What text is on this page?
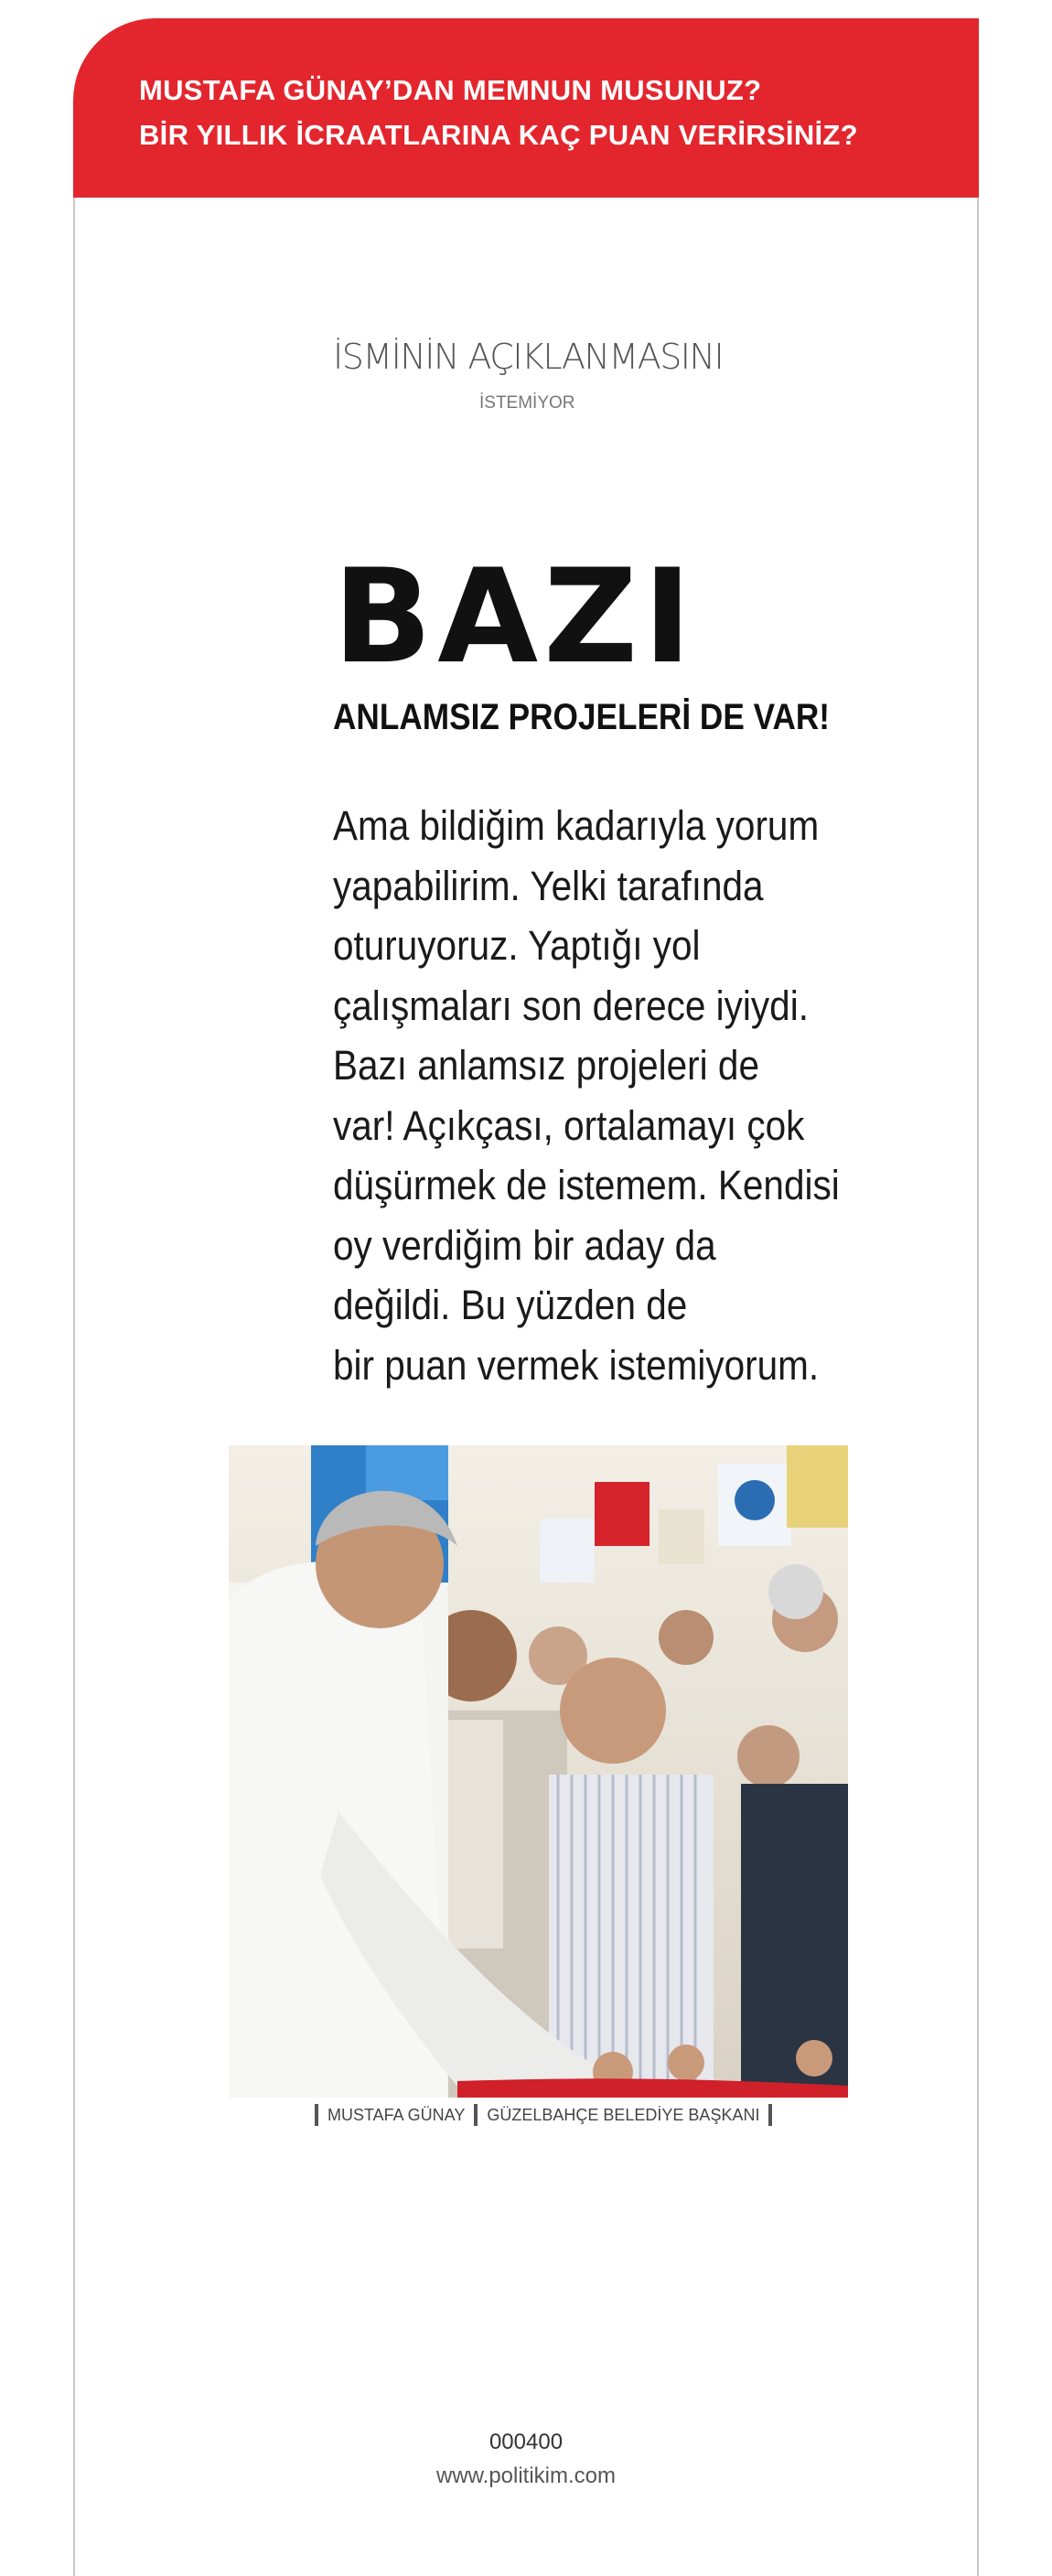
MUSTAFA GÜNAY’DAN MEMNUN MUSUNUZ?
BİR YILLIK İCRAATLARINA KAÇ PUAN VERİRSİNİZ?
İSMİNİN AÇIKLANMASINI
İSTEMİYOR
BAZI
ANLAMSIZ PROJELERİ DE VAR!
Ama bildiğim kadarıyla yorum
yapabilirim. Yelki tarafında
oturuyoruz. Yaptığı yol
çalışmaları son derece iyiydi.
Bazı anlamsız projeleri de
var! Açıkçası, ortalamayı çok
düşürmek de istemem. Kendisi
oy verdiğim bir aday da
değildi. Bu yüzden de
bir puan vermek istemiyorum.
MUSTAFA GÜNAY GÜZELBAHÇE BELEDİYE BAŞKANI
000400
www.politikim.com
